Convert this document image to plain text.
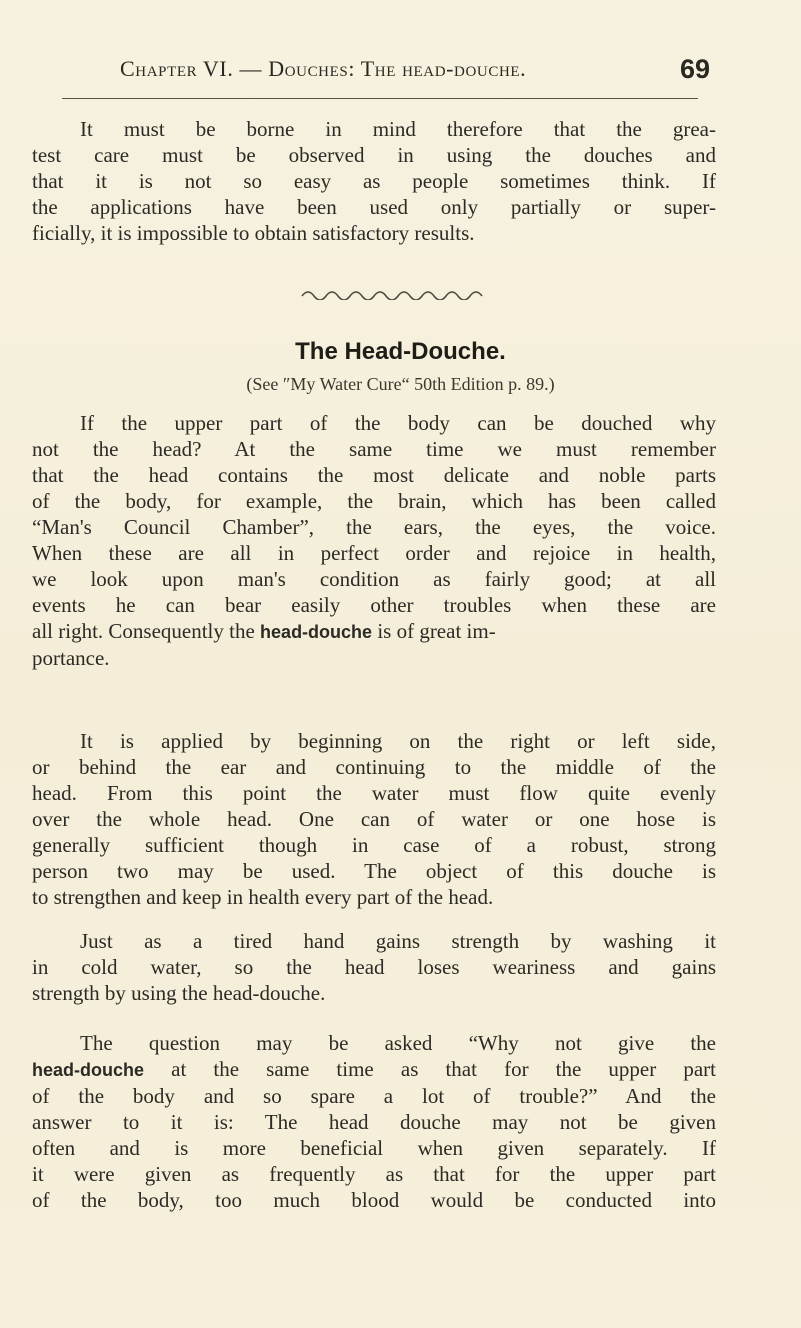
Chapter VI. — Douches: The head-douche.	69

It must be borne in mind therefore that the grea-
test care must be observed in using the douches and
that it is not so easy as people sometimes think. If
the applications have been used only partially or super-
ficially, it is impossible to obtain satisfactory results.

The Head-Douche.
(See ″My Water Cure“ 50th Edition p. 89.)

If the upper part of the body can be douched why
not the head? At the same time we must remember
that the head contains the most delicate and noble parts
of the body, for example, the brain, which has been called
“Man's Council Chamber”, the ears, the eyes, the voice.
When these are all in perfect order and rejoice in health,
we look upon man's condition as fairly good; at all
events he can bear easily other troubles when these are
all right. Consequently the head-douche is of great im-
portance.

It is applied by beginning on the right or left side,
or behind the ear and continuing to the middle of the
head. From this point the water must flow quite evenly
over the whole head. One can of water or one hose is
generally sufficient though in case of a robust, strong
person two may be used. The object of this douche is
to strengthen and keep in health every part of the head.

Just as a tired hand gains strength by washing it
in cold water, so the head loses weariness and gains
strength by using the head-douche.

The question may be asked “Why not give the
head-douche at the same time as that for the upper part
of the body and so spare a lot of trouble?” And the
answer to it is: The head douche may not be given
often and is more beneficial when given separately. If
it were given as frequently as that for the upper part
of the body, too much blood would be conducted into
